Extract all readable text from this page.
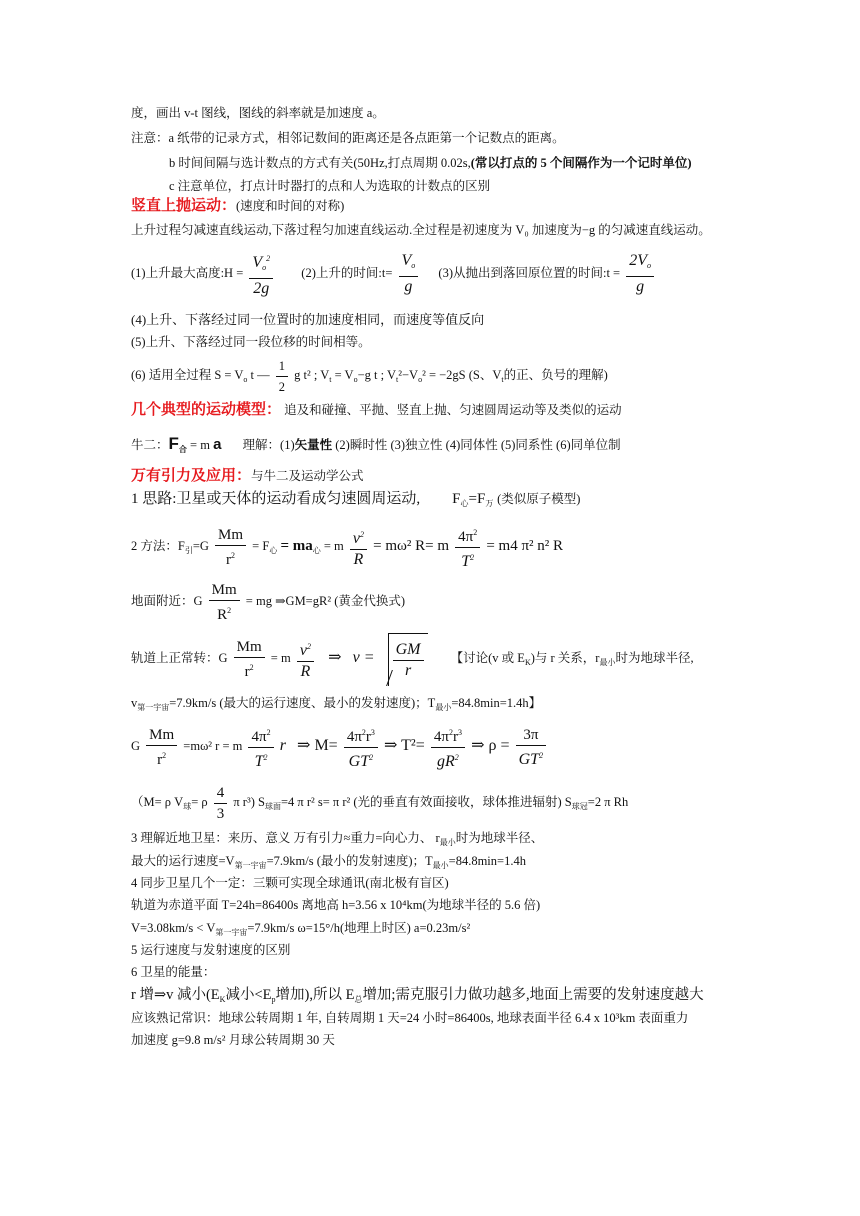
度，画出 v-t 图线，图线的斜率就是加速度 a。
注意：a 纸带的记录方式，相邻记数间的距离还是各点距第一个记数点的距离。
b 时间间隔与选计数点的方式有关(50Hz,打点周期 0.02s,(常以打点的 5 个间隔作为一个记时单位)
c 注意单位，打点计时器打的点和人为选取的计数点的区别
竖直上抛运动：(速度和时间的对称)
上升过程匀减速直线运动,下落过程匀加速直线运动.全过程是初速度为 V₀ 加速度为−g 的匀减速直线运动。
(1)上升最大高度:H = $\frac{V_o^2}{2g} (2)$上升的时间:t= $\frac{V_o}{g} (3)$从抛出到落回原位置的时间:t = $\frac{2V_o}{g}$
(4)上升、下落经过同一位置时的加速度相同，而速度等值反向
(5)上升、下落经过同一段位移的时间相等。
(6) 适用全过程 $S = V_o$ t — $\frac{1}{2}$ g t² ; $V_t = V_o-g$ t ; $V_t^2-V_o^2 = -2gS$ (S、$V_t$的正、负号的理解)
几个典型的运动模型： 追及和碰撞、平抛、竖直上抛、匀速圆周运动等及类似的运动
牛二：$F_合 = m$ a 理解：(1)矢量性 (2)瞬时性 (3)独立性 (4)同体性 (5)同系性 (6)同单位制
万有引力及应用：与牛二及运动学公式
1 思路:卫星或天体的运动看成匀速圆周运动, $F_心=F_万$ (类似原子模型)
2 方法：$F_引=G \frac{Mm}{r^2} = F_心 = ma_心 = m \frac{v^2}{R} = m\omega^2$ R= m $\frac{4\pi^2}{T^2} = m4$ π² n² R
地面附近：G $\frac{Mm}{R^2}$ = mg ⇒GM=gR² (黄金代换式)
轨道上正常转：G $\frac{Mm}{r^2} = m \frac{v^2}{R}$ ⇒ $v = \frac{GM}{r}$ 【讨论(v 或 $E_K$)与 r 关系，$r_{最小}$时为地球半径,
$v_{第一宇宙}=7.9km/s$ (最大的运行速度、最小的发射速度)；$T_{最小}=84.8\min=1.4h$】
G $\frac{Mm}{r^2} =m\omega^2$ r = m $\frac{4\pi^2}{T^2}$ r ⇒ $M= \frac{4\pi^2r^3}{GT^2}$ ⇒ $T^2= \frac{4\pi^2r^3}{gR^2}$ ⇒ $\rho = \frac{3\pi}{GT^2}$
（M= ρ $V_球= \rho \frac{4}{3}$ π r³) $S_{球面}=4$ π r² s= π r² (光的垂直有效面接收，球体推进辐射) $S_{球冠}=2$ π Rh
3 理解近地卫星：来历、意义 万有引力≈重力=向心力、 $r_{最小}$时为地球半径、
最大的运行速度$=V_{第一宇宙}=7.9km/s$ (最小的发射速度)；$T_{最小}=84.8\min=1.4h$
4 同步卫星几个一定：三颗可实现全球通讯(南北极有盲区)
轨道为赤道平面 T=24h=86400s 离地高 h=3.56 x 10⁴km(为地球半径的 5.6 倍)
$V=3.08km/s < V_{第一宇宙}=7.9km/s$ ω=15°/h(地理上时区) a=0.23m/s²
5 运行速度与发射速度的区别
6 卫星的能量：
r 增⇒v 减小($E_K$减小$<E_p$增加),所以 $E_总$增加;需克服引力做功越多,地面上需要的发射速度越大
应该熟记常识：地球公转周期 1 年, 自转周期 1 天=24 小时=86400s, 地球表面半径 6.4 x 10³km 表面重力
加速度 g=9.8 m/s² 月球公转周期 30 天
